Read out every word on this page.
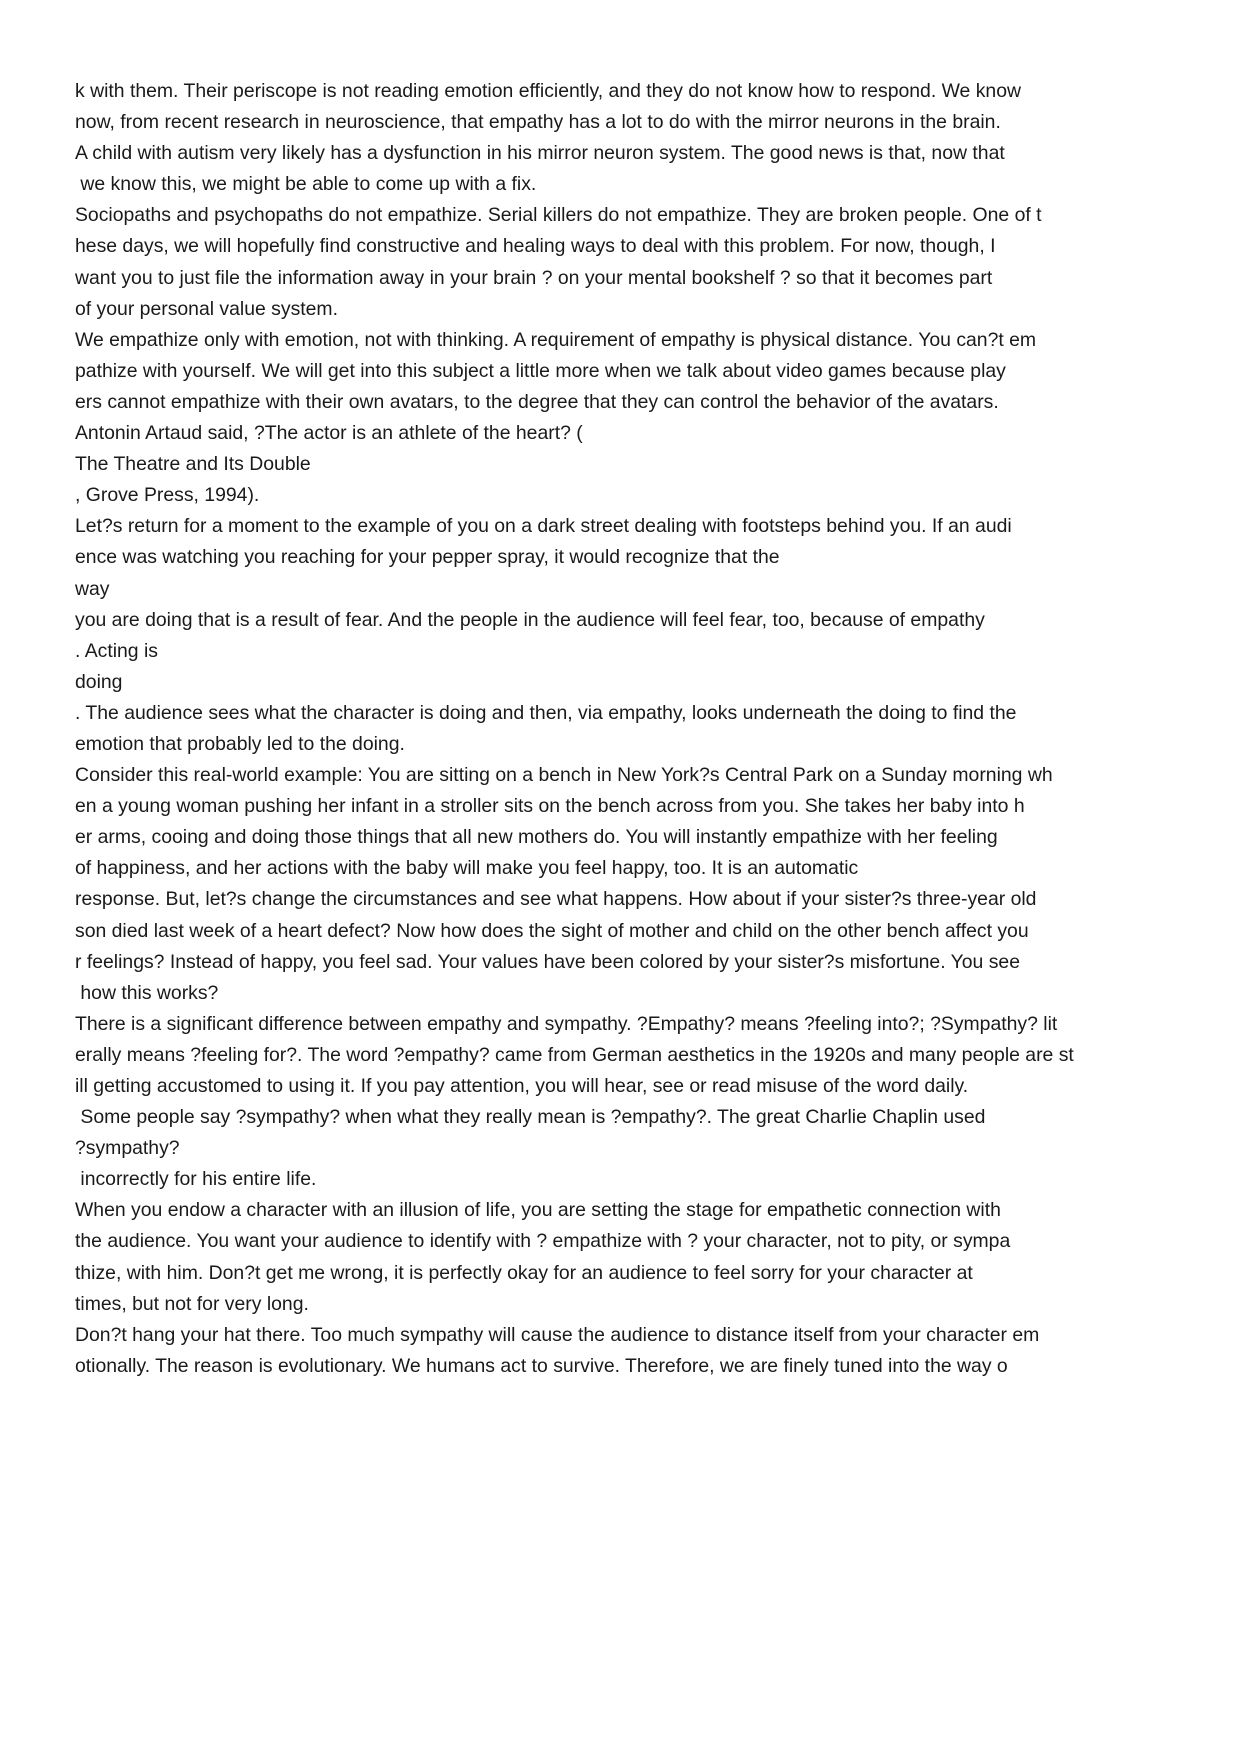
k with them. Their periscope is not reading emotion efficiently, and they do not know how to respond. We know
now, from recent research in neuroscience, that empathy has a lot to do with the mirror neurons in the brain.
A child with autism very likely has a dysfunction in his mirror neuron system. The good news is that, now that
we know this, we might be able to come up with a fix.
Sociopaths and psychopaths do not empathize. Serial killers do not empathize. They are broken people. One of t
hese days, we will hopefully find constructive and healing ways to deal with this problem. For now, though, I
want you to just file the information away in your brain ? on your mental bookshelf ? so that it becomes part
of your personal value system.
We empathize only with emotion, not with thinking. A requirement of empathy is physical distance. You can?t em
pathize with yourself. We will get into this subject a little more when we talk about video games because play
ers cannot empathize with their own avatars, to the degree that they can control the behavior of the avatars.
Antonin Artaud said, ?The actor is an athlete of the heart? (
The Theatre and Its Double
, Grove Press, 1994).
Let?s return for a moment to the example of you on a dark street dealing with footsteps behind you. If an audi
ence was watching you reaching for your pepper spray, it would recognize that the
way
you are doing that is a result of fear. And the people in the audience will feel fear, too, because of empathy
. Acting is
doing
. The audience sees what the character is doing and then, via empathy, looks underneath the doing to find the
emotion that probably led to the doing.
Consider this real-world example: You are sitting on a bench in New York?s Central Park on a Sunday morning wh
en a young woman pushing her infant in a stroller sits on the bench across from you. She takes her baby into h
er arms, cooing and doing those things that all new mothers do. You will instantly empathize with her feeling
of happiness, and her actions with the baby will make you feel happy, too. It is an automatic
response. But, let?s change the circumstances and see what happens. How about if your sister?s three-year old
son died last week of a heart defect? Now how does the sight of mother and child on the other bench affect you
r feelings? Instead of happy, you feel sad. Your values have been colored by your sister?s misfortune. You see
how this works?
There is a significant difference between empathy and sympathy. ?Empathy? means ?feeling into?; ?Sympathy? lit
erally means ?feeling for?. The word ?empathy? came from German aesthetics in the 1920s and many people are st
ill getting accustomed to using it. If you pay attention, you will hear, see or read misuse of the word daily.
Some people say ?sympathy? when what they really mean is ?empathy?. The great Charlie Chaplin used
?sympathy?
incorrectly for his entire life.
When you endow a character with an illusion of life, you are setting the stage for empathetic connection with
the audience. You want your audience to identify with ? empathize with ? your character, not to pity, or sympa
thize, with him. Don?t get me wrong, it is perfectly okay for an audience to feel sorry for your character at
times, but not for very long.
Don?t hang your hat there. Too much sympathy will cause the audience to distance itself from your character em
otionally. The reason is evolutionary. We humans act to survive. Therefore, we are finely tuned into the way o
